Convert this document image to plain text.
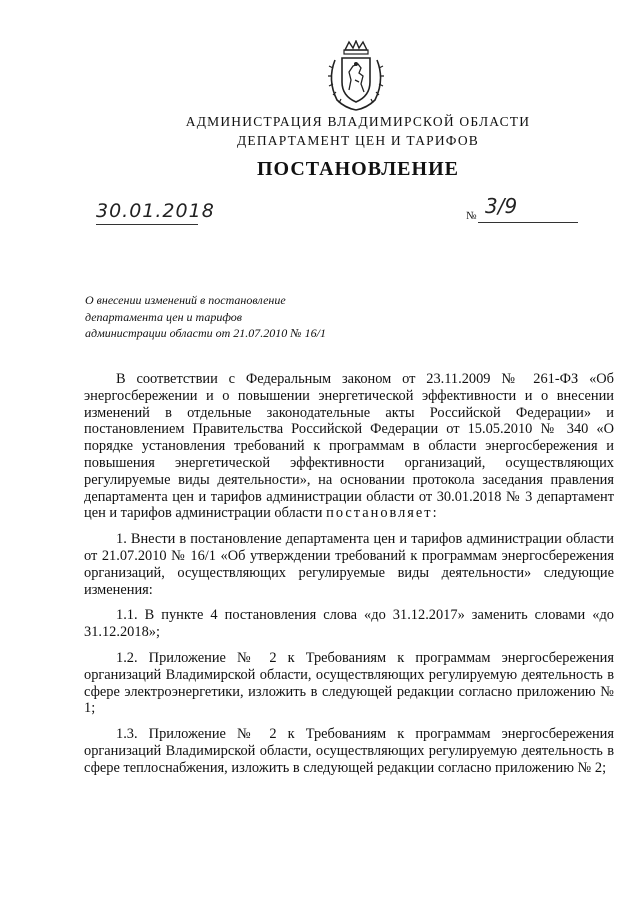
АДМИНИСТРАЦИЯ ВЛАДИМИРСКОЙ ОБЛАСТИ
ДЕПАРТАМЕНТ ЦЕН И ТАРИФОВ
ПОСТАНОВЛЕНИЕ
30.01.2018	№ 3/9
О внесении изменений в постановление
департамента цен и тарифов
администрации области от 21.07.2010 № 16/1

В соответствии с Федеральным законом от 23.11.2009 № 261-ФЗ «Об энергосбережении и о повышении энергетической эффективности и о внесении изменений в отдельные законодательные акты Российской Федерации» и постановлением Правительства Российской Федерации от 15.05.2010 № 340 «О порядке установления требований к программам в области энергосбережения и повышения энергетической эффективности организаций, осуществляющих регулируемые виды деятельности», на основании протокола заседания правления департамента цен и тарифов администрации области от 30.01.2018 № 3 департамент цен и тарифов администрации области постановляет:

1. Внести в постановление департамента цен и тарифов администрации области от 21.07.2010 № 16/1 «Об утверждении требований к программам энергосбережения организаций, осуществляющих регулируемые виды деятельности» следующие изменения:

1.1. В пункте 4 постановления слова «до 31.12.2017» заменить словами «до 31.12.2018»;

1.2. Приложение № 2 к Требованиям к программам энергосбережения организаций Владимирской области, осуществляющих регулируемую деятельность в сфере электроэнергетики, изложить в следующей редакции согласно приложению № 1;

1.3. Приложение № 2 к Требованиям к программам энергосбережения организаций Владимирской области, осуществляющих регулируемую деятельность в сфере теплоснабжения, изложить в следующей редакции согласно приложению № 2;
